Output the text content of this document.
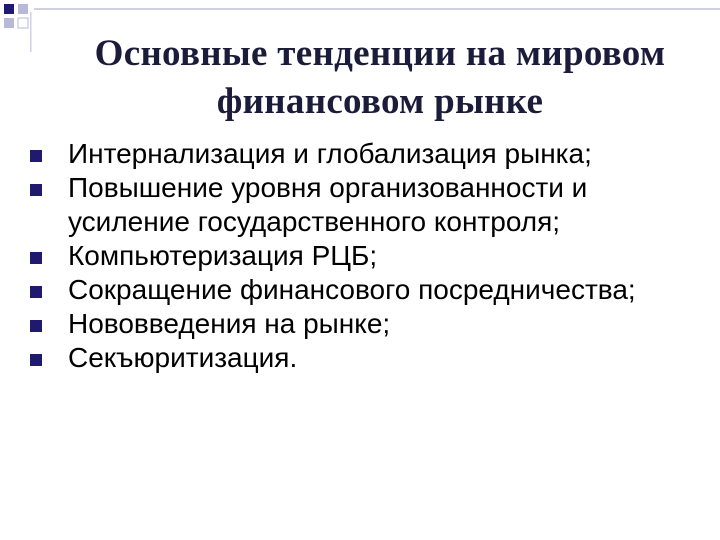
Основные тенденции на мировом
финансовом рынке
Интернализация и глобализация рынка;
Повышение уровня организованности и усиление государственного контроля;
Компьютеризация РЦБ;
Сокращение финансового посредничества;
Нововведения на рынке;
Секъюритизация.
